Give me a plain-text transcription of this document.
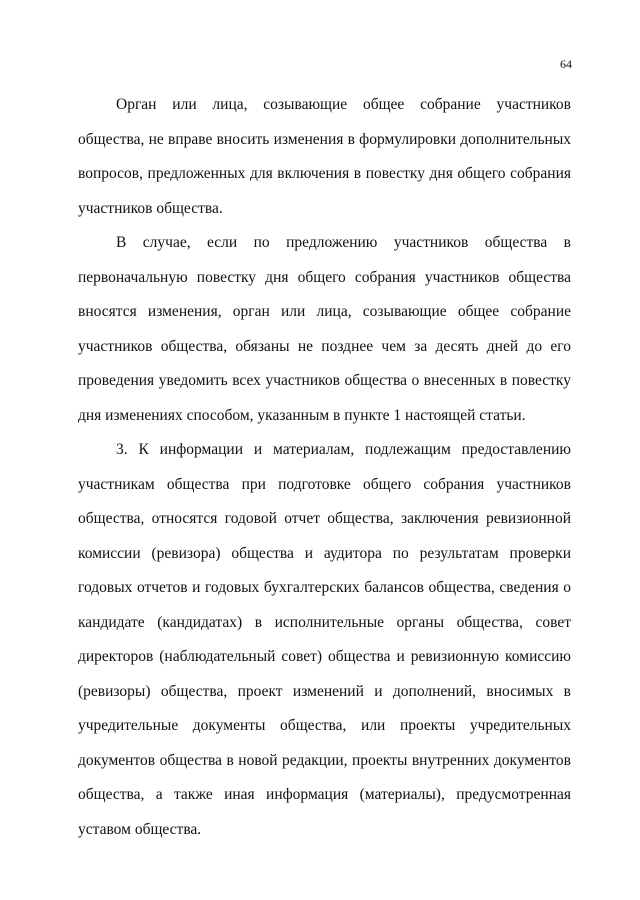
64
Орган или лица, созывающие общее собрание участников
общества, не вправе вносить изменения в формулировки дополнительных
вопросов, предложенных для включения в повестку дня общего собрания
участников общества.
В случае, если по предложению участников общества в
первоначальную повестку дня общего собрания участников общества
вносятся изменения, орган или лица, созывающие общее собрание
участников общества, обязаны не позднее чем за десять дней до его
проведения уведомить всех участников общества о внесенных в повестку
дня изменениях способом, указанным в пункте 1 настоящей статьи.
3. К информации и материалам, подлежащим предоставлению
участникам общества при подготовке общего собрания участников
общества, относятся годовой отчет общества, заключения ревизионной
комиссии (ревизора) общества и аудитора по результатам проверки
годовых отчетов и годовых бухгалтерских балансов общества, сведения о
кандидате (кандидатах) в исполнительные органы общества, совет
директоров (наблюдательный совет) общества и ревизионную комиссию
(ревизоры) общества, проект изменений и дополнений, вносимых в
учредительные документы общества, или проекты учредительных
документов общества в новой редакции, проекты внутренних документов
общества, а также иная информация (материалы), предусмотренная
уставом общества.
